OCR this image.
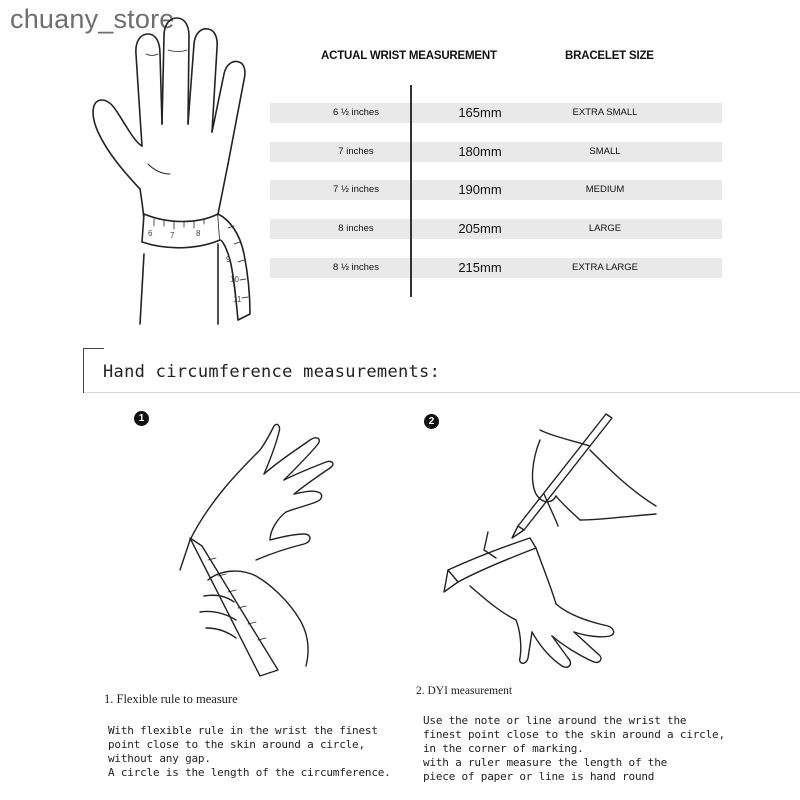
chuany_store
6 7	8
9
10
11
ACTUAL WRIST MEASUREMENT	BRACELET SIZE
6 ½ inches	165mm	EXTRA SMALL
7 inches	180mm	SMALL
7 ½ inches	190mm	MEDIUM
8 inches	205mm	LARGE
8 ½ inches	215mm	EXTRA LARGE
Hand circumference measurements:
1
1. Flexible rule to measure
With flexible rule in the wrist the finest
point close to the skin around a circle,
without any gap.
A circle is the length of the circumference.
2
2. DYI measurement
Use the note or line around the wrist the
finest point close to the skin around a circle,
in the corner of marking.
with a ruler measure the length of the
piece of paper or line is hand round
